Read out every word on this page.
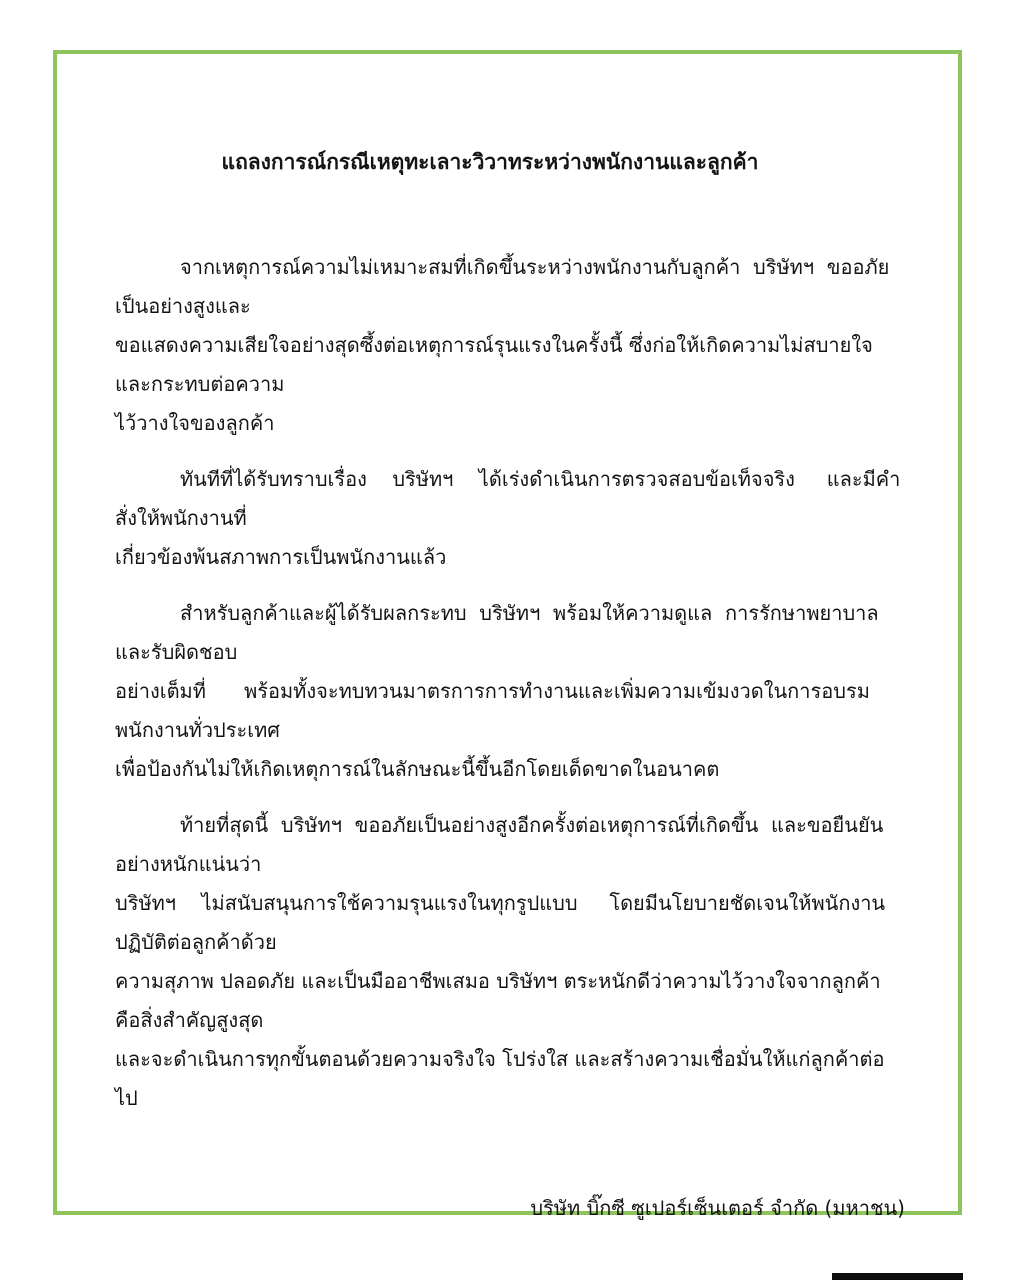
แถลงการณ์กรณีเหตุทะเลาะวิวาทระหว่างพนักงานและลูกค้า
จากเหตุการณ์ความไม่เหมาะสมที่เกิดขึ้นระหว่างพนักงานกับลูกค้า  บริษัทฯ  ขออภัยเป็นอย่างสูงและ
ขอแสดงความเสียใจอย่างสุดซึ้งต่อเหตุการณ์รุนแรงในครั้งนี้ ซึ่งก่อให้เกิดความไม่สบายใจและกระทบต่อความ
ไว้วางใจของลูกค้า
ทันทีที่ได้รับทราบเรื่อง    บริษัทฯ    ได้เร่งดำเนินการตรวจสอบข้อเท็จจริง     และมีคำสั่งให้พนักงานที่
เกี่ยวข้องพ้นสภาพการเป็นพนักงานแล้ว
สำหรับลูกค้าและผู้ได้รับผลกระทบ  บริษัทฯ  พร้อมให้ความดูแล  การรักษาพยาบาล  และรับผิดชอบ
อย่างเต็มที่      พร้อมทั้งจะทบทวนมาตรการการทำงานและเพิ่มความเข้มงวดในการอบรมพนักงานทั่วประเทศ
เพื่อป้องกันไม่ให้เกิดเหตุการณ์ในลักษณะนี้ขึ้นอีกโดยเด็ดขาดในอนาคต
ท้ายที่สุดนี้  บริษัทฯ  ขออภัยเป็นอย่างสูงอีกครั้งต่อเหตุการณ์ที่เกิดขึ้น  และขอยืนยันอย่างหนักแน่นว่า
บริษัทฯ    ไม่สนับสนุนการใช้ความรุนแรงในทุกรูปแบบ     โดยมีนโยบายชัดเจนให้พนักงานปฏิบัติต่อลูกค้าด้วย
ความสุภาพ ปลอดภัย และเป็นมืออาชีพเสมอ บริษัทฯ ตระหนักดีว่าความไว้วางใจจากลูกค้าคือสิ่งสำคัญสูงสุด
และจะดำเนินการทุกขั้นตอนด้วยความจริงใจ โปร่งใส และสร้างความเชื่อมั่นให้แก่ลูกค้าต่อไป
บริษัท บิ๊กซี ซูเปอร์เซ็นเตอร์ จำกัด (มหาชน)
